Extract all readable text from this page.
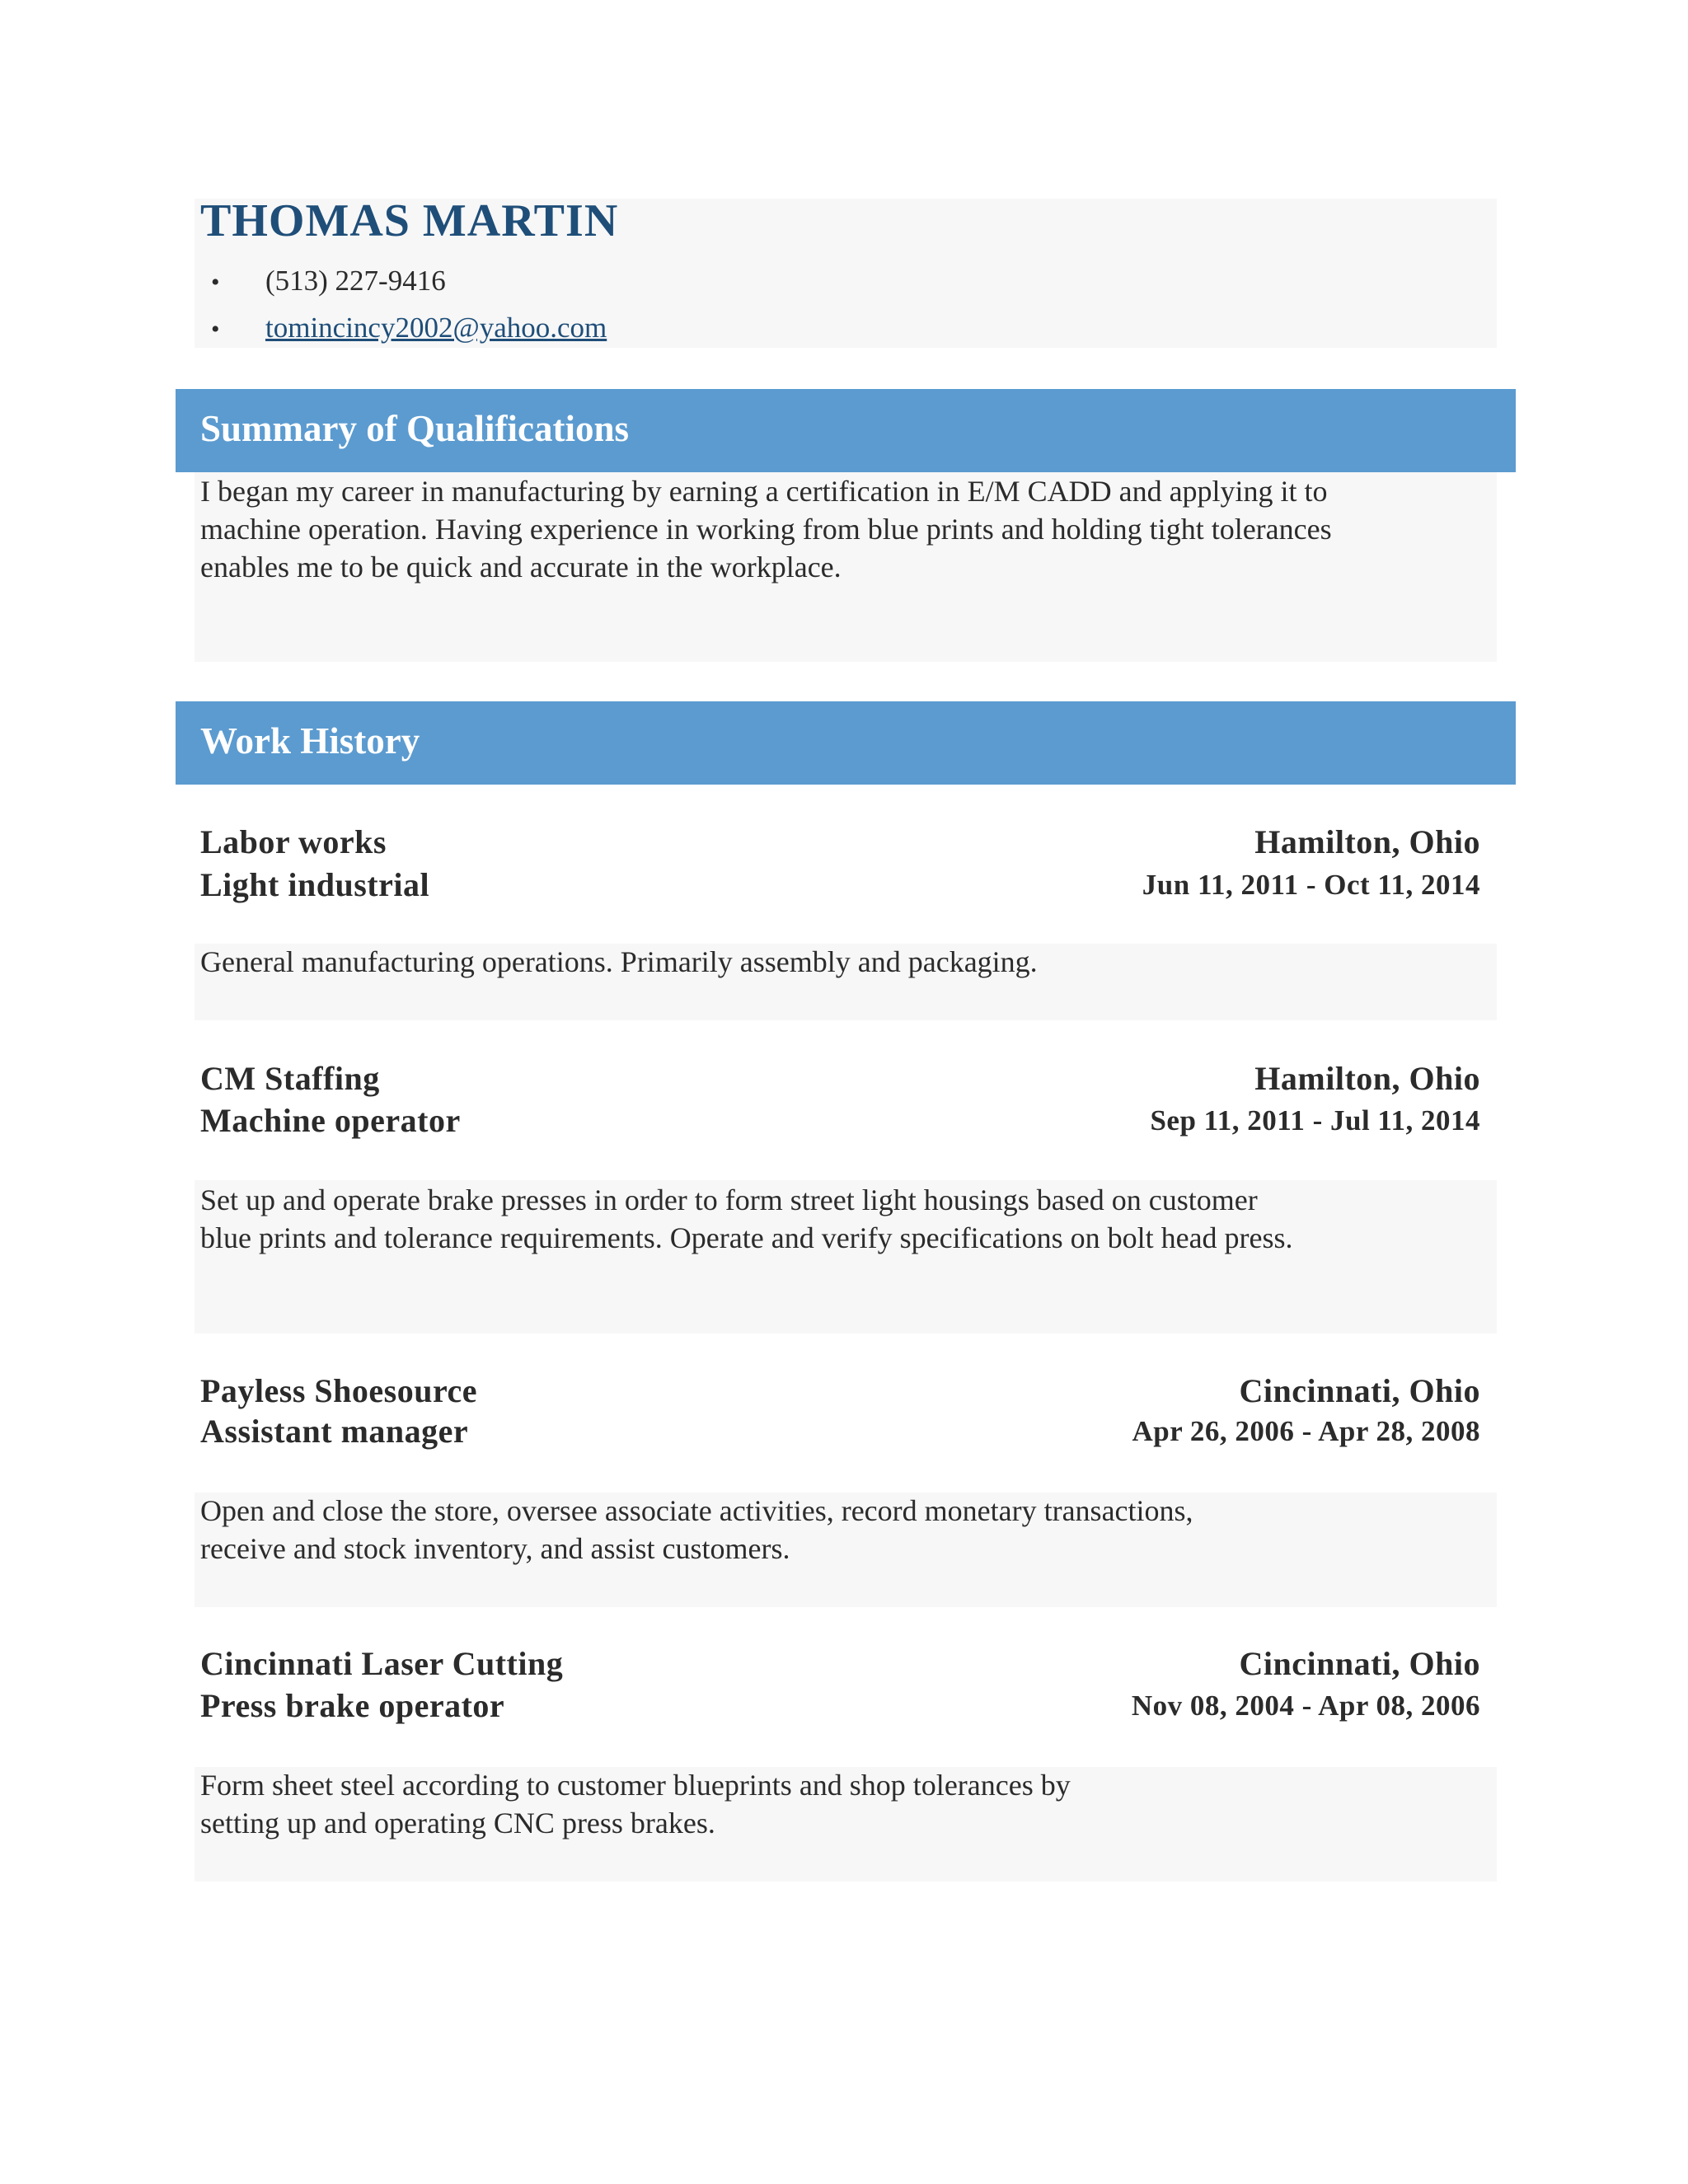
THOMAS MARTIN
• (513) 227-9416
• tomincincy2002@yahoo.com
Summary of Qualifications
I began my career in manufacturing by earning a certification in E/M CADD and applying it to
machine operation. Having experience in working from blue prints and holding tight tolerances
enables me to be quick and accurate in the workplace.
Work History
Labor works	Hamilton, Ohio
Light industrial	Jun 11, 2011 - Oct 11, 2014
General manufacturing operations. Primarily assembly and packaging.
CM Staffing	Hamilton, Ohio
Machine operator	Sep 11, 2011 - Jul 11, 2014
Set up and operate brake presses in order to form street light housings based on customer
blue prints and tolerance requirements. Operate and verify specifications on bolt head press.
Payless Shoesource	Cincinnati, Ohio
Assistant manager	Apr 26, 2006 - Apr 28, 2008
Open and close the store, oversee associate activities, record monetary transactions,
receive and stock inventory, and assist customers.
Cincinnati Laser Cutting	Cincinnati, Ohio
Press brake operator	Nov 08, 2004 - Apr 08, 2006
Form sheet steel according to customer blueprints and shop tolerances by
setting up and operating CNC press brakes.
